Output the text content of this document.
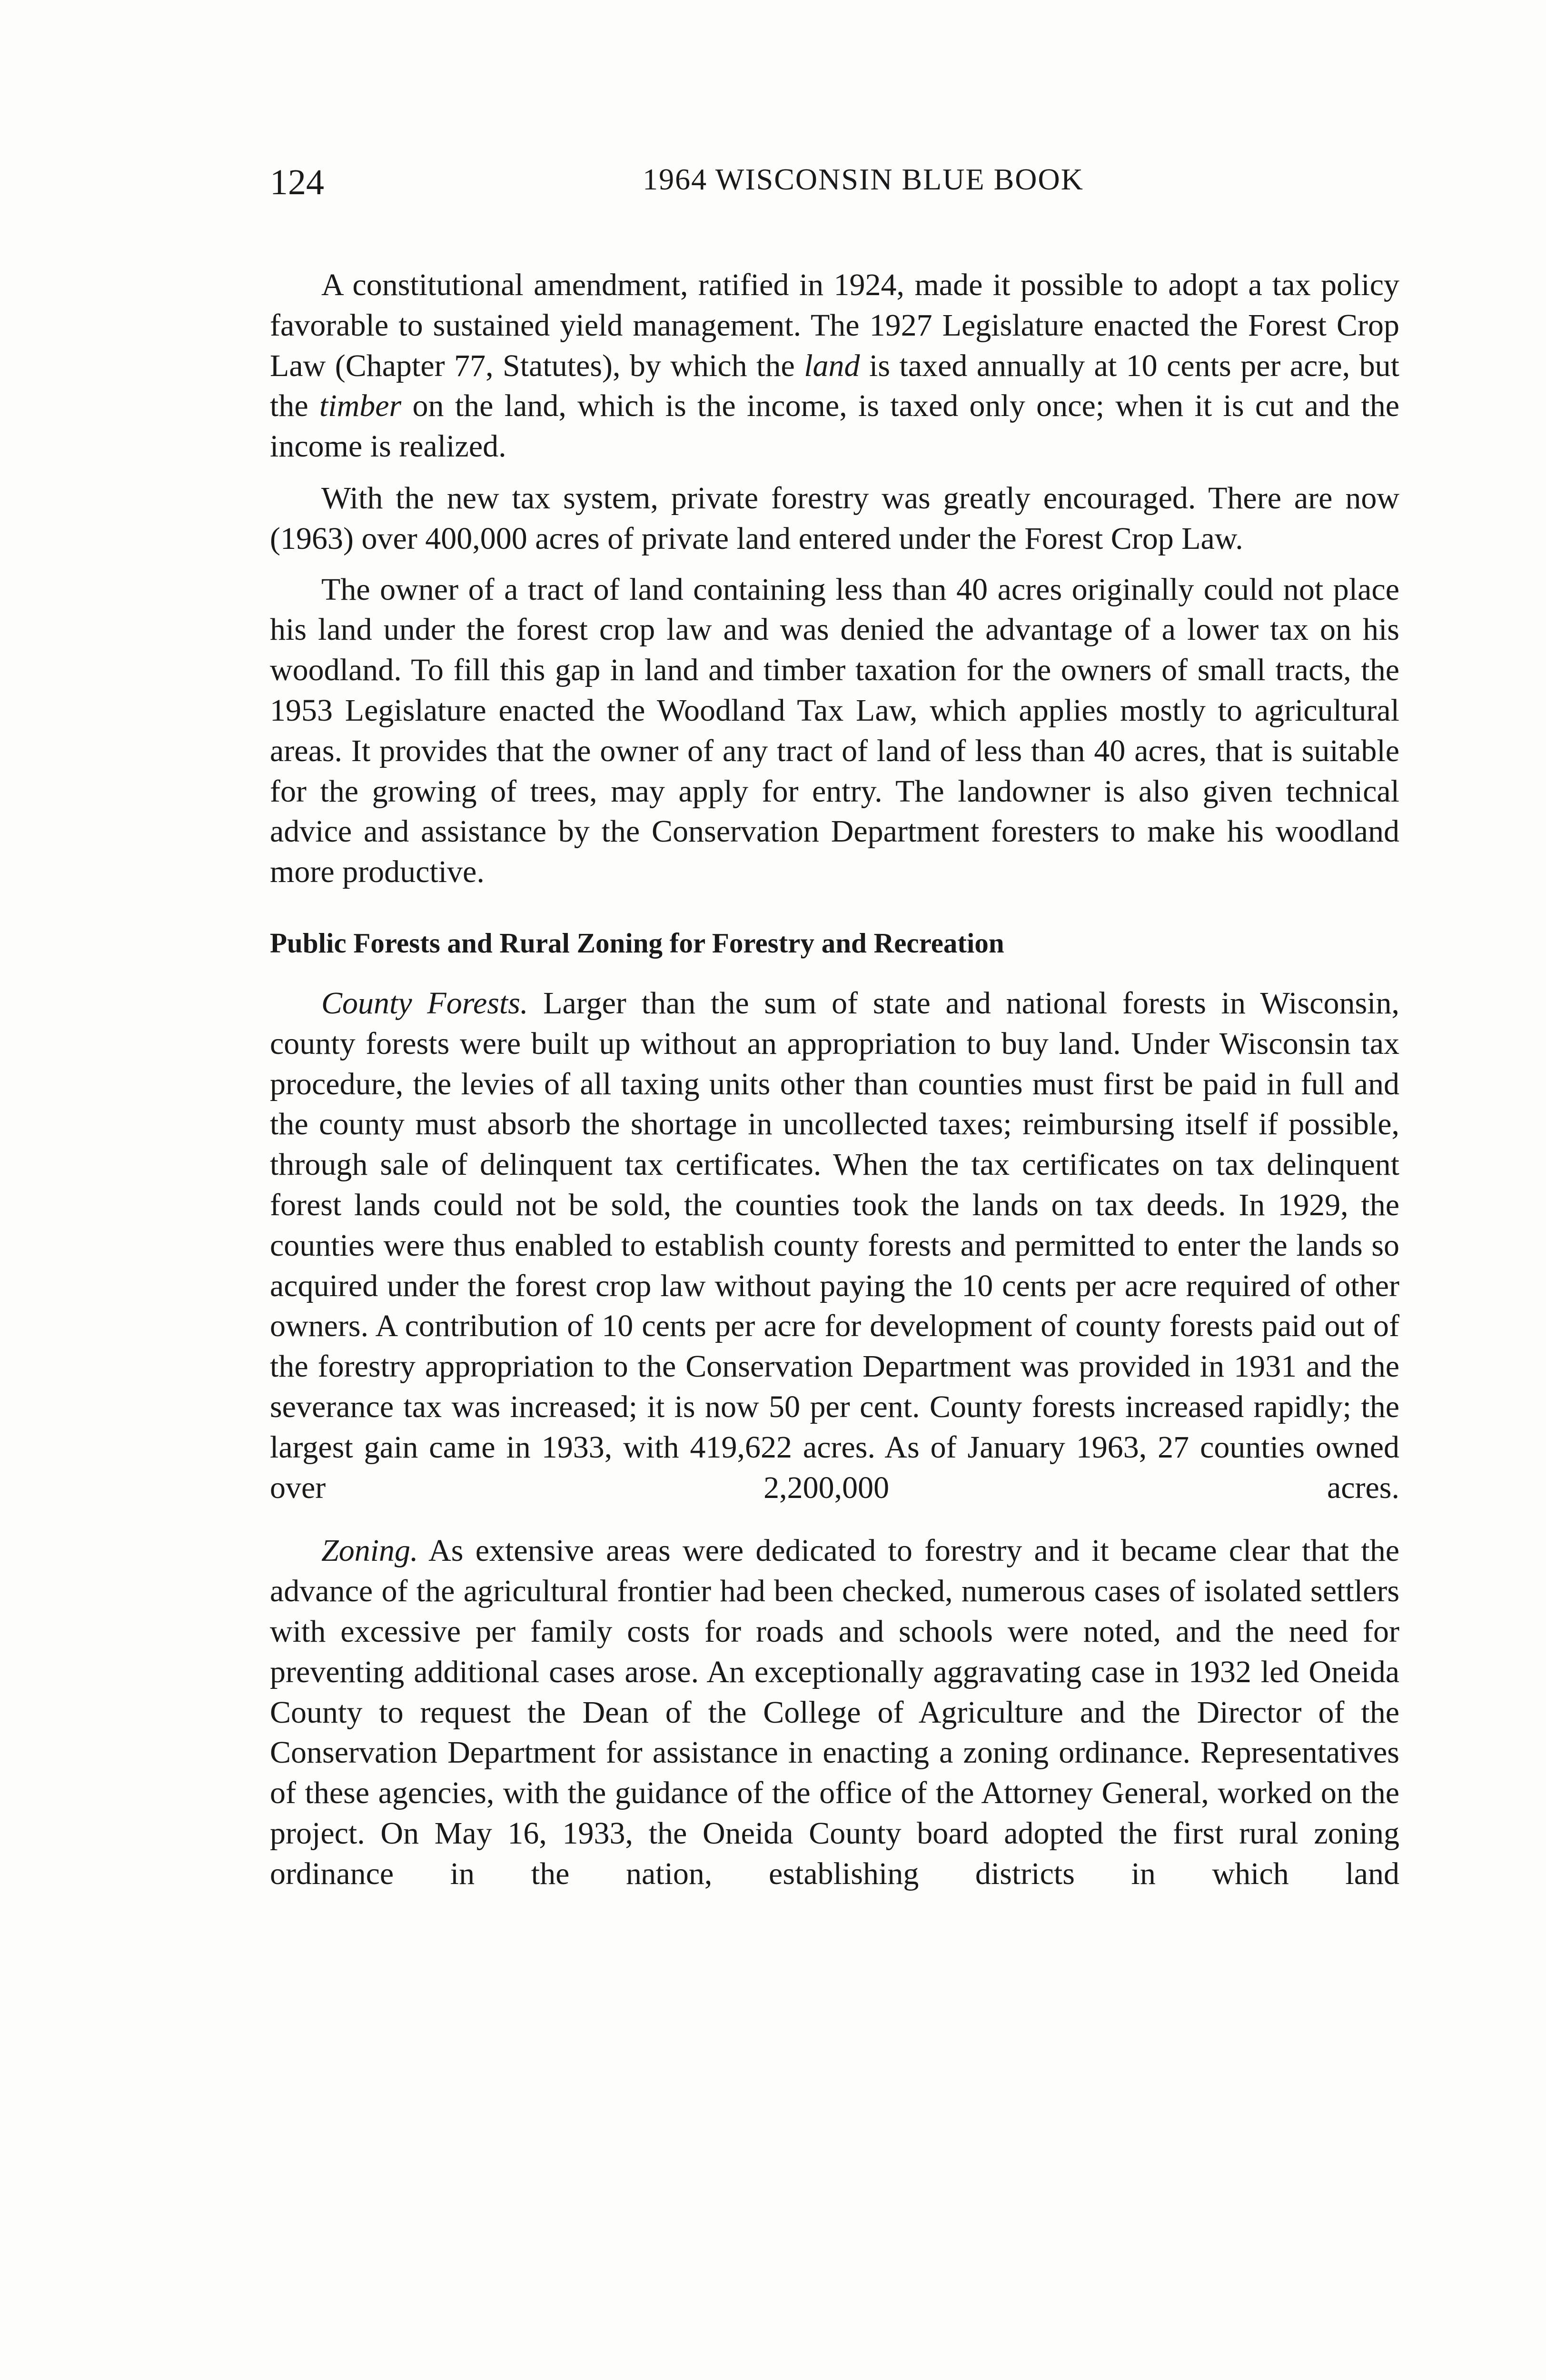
124	1964 WISCONSIN BLUE BOOK

A constitutional amendment, ratified in 1924, made it possible to adopt a tax policy favorable to sustained yield management. The 1927 Legislature enacted the Forest Crop Law (Chapter 77, Statutes), by which the land is taxed annually at 10 cents per acre, but the timber on the land, which is the income, is taxed only once; when it is cut and the income is realized.

With the new tax system, private forestry was greatly encouraged. There are now (1963) over 400,000 acres of private land entered under the Forest Crop Law.

The owner of a tract of land containing less than 40 acres originally could not place his land under the forest crop law and was denied the advantage of a lower tax on his woodland. To fill this gap in land and timber taxation for the owners of small tracts, the 1953 Legislature enacted the Woodland Tax Law, which applies mostly to agricultural areas. It provides that the owner of any tract of land of less than 40 acres, that is suitable for the growing of trees, may apply for entry. The landowner is also given technical advice and assistance by the Conservation Department foresters to make his woodland more productive.

Public Forests and Rural Zoning for Forestry and Recreation

County Forests. Larger than the sum of state and national forests in Wisconsin, county forests were built up without an appropriation to buy land. Under Wisconsin tax procedure, the levies of all taxing units other than counties must first be paid in full and the county must absorb the shortage in uncollected taxes; reimbursing itself if possible, through sale of delinquent tax certificates. When the tax certificates on tax delinquent forest lands could not be sold, the counties took the lands on tax deeds. In 1929, the counties were thus enabled to establish county forests and permitted to enter the lands so acquired under the forest crop law without paying the 10 cents per acre required of other owners. A contribution of 10 cents per acre for development of county forests paid out of the forestry appropriation to the Conservation Department was provided in 1931 and the severance tax was increased; it is now 50 per cent. County forests increased rapidly; the largest gain came in 1933, with 419,622 acres. As of January 1963, 27 counties owned over 2,200,000 acres.

Zoning. As extensive areas were dedicated to forestry and it became clear that the advance of the agricultural frontier had been checked, numerous cases of isolated settlers with excessive per family costs for roads and schools were noted, and the need for preventing additional cases arose. An exceptionally aggravating case in 1932 led Oneida County to request the Dean of the College of Agriculture and the Director of the Conservation Department for assistance in enacting a zoning ordinance. Representatives of these agencies, with the guidance of the office of the Attorney General, worked on the project. On May 16, 1933, the Oneida County board adopted the first rural zoning ordinance in the nation, establishing districts in which land
